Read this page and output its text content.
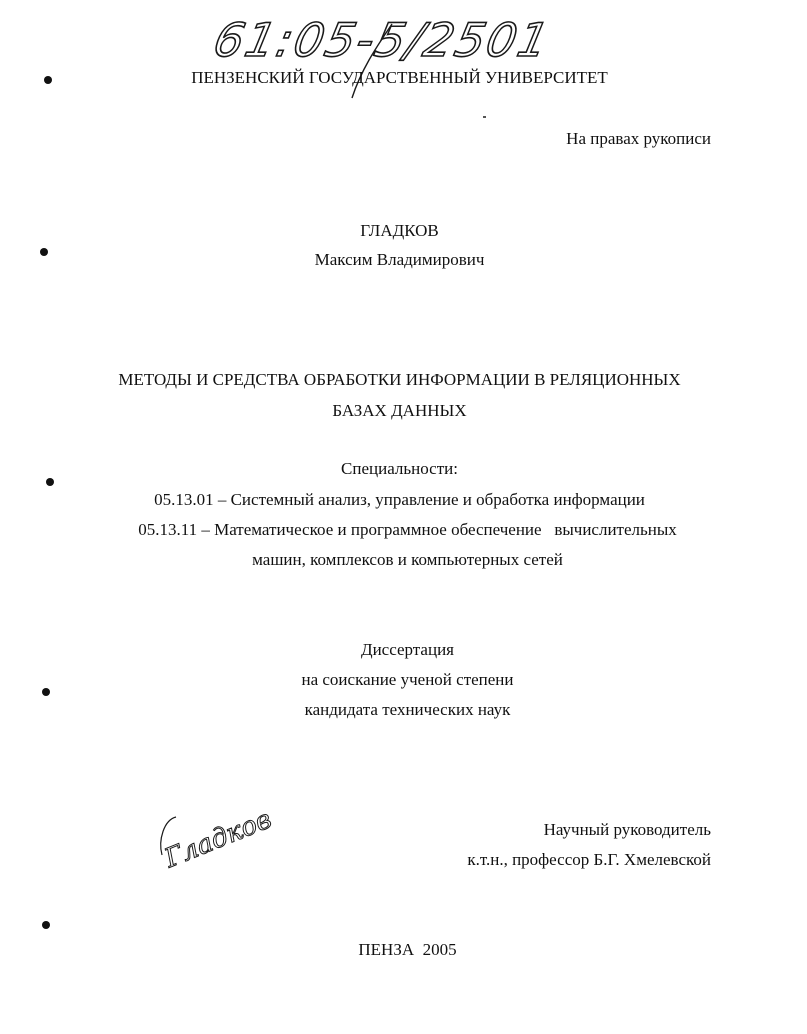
61:05-5/2501
ПЕНЗЕНСКИЙ ГОСУДАРСТВЕННЫЙ УНИВЕРСИТЕТ
На правах рукописи
ГЛАДКОВ
Максим Владимирович
МЕТОДЫ И СРЕДСТВА ОБРАБОТКИ ИНФОРМАЦИИ В РЕЛЯЦИОННЫХ
БАЗАХ ДАННЫХ
Специальности:
05.13.01 – Системный анализ, управление и обработка информации
05.13.11 – Математическое и программное обеспечение   вычислительных
машин, комплексов и компьютерных сетей
Диссертация
на соискание ученой степени
кандидата технических наук
Гладков	Научный руководитель
к.т.н., профессор Б.Г. Хмелевской
ПЕНЗА  2005
